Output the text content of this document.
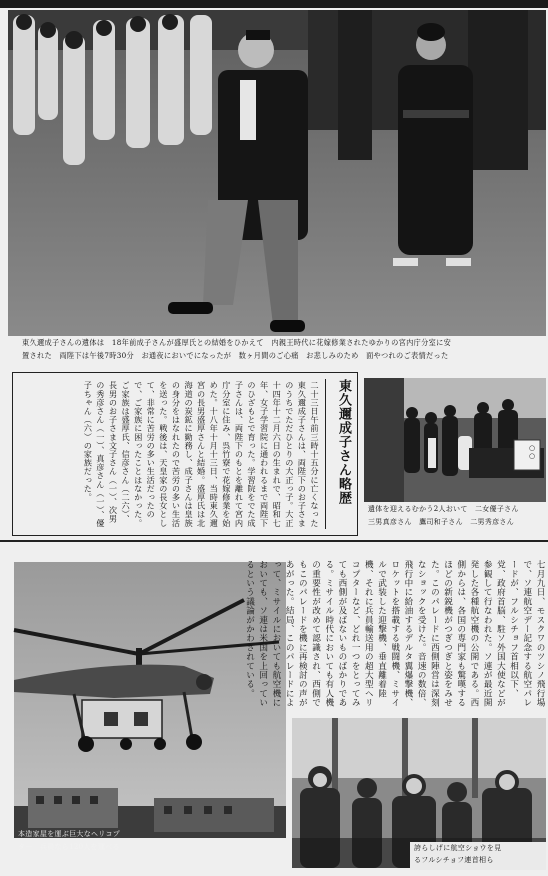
東久邇成子さんの遺体は　18年前成子さんが盛厚氏との結婚をひかえて　内親王時代に花嫁修業されたゆかりの宮内庁分室に安
置された　両陛下は午後7時30分　お通夜においでになったが　数ヶ月間のご心痛　お悲しみのため　面やつれのご表情だった
東久邇成子さん略歴
二十三日午前三時十五分に亡くなった東久邇成子さんは、両陛下のお子さまのうちでただひとりの大正っ子。大正十四年十二月六日の生まれで、昭和七年、女子学習院に通われるまで両陛下のひざもとで育った。学習院をでた成子さんは、両陛下のもとを離れて宮内庁分室に住み、呉竹寮で花嫁修業を始めた。十八年十月十三日、当時東久邇宮の長男盛厚さんと結婚。盛厚氏は北海道の炭鉱に勤務し、成子さんは皇族の身分をはなれたので苦労の多い生活を送った。戦後は、天皇家の長女として、非常に苦労の多い生活だったので、ご家族に困ったことはなかった。ご家族は盛厚氏、信彦さん（二六）、長男のお子さま文子さん（一）、次男の秀彦さん（一）、真彦さん（一）、優子ちゃん（六）の家族だった。	○○
遺体を迎えるむかう2人おいて　二女優子さん
三男真彦さん　鷹司和子さん　二男秀彦さん
本造家屋を運ぶ巨大なヘリコプ
ター　兵員なら120人を運べる
七月九日、モスクワのツシノ飛行場で、ソ連航空デー記念する航空パレードが、フルシチョフ首相以下、党、政府首脳、駐ソ外国大使などが参観して行なわれた。ソ連が最近開発した各種航空機の公開である。西側からは、各国の専門家も驚嘆するほどの新鋭機がつぎつぎと姿をみせた。このパレードに西側陣営は深刻なショックを受けた。音速の数倍、飛行中に給油するデルタ翼爆撃機、ロケットを搭載する戦闘機、ミサイルで武装した迎撃機、垂直離着陸機、それに兵員輸送用の超大型ヘリコプターなど、どれ一つをとってみても西側が及ばないものばかりである。ミサイル時代においても有人機の重要性が改めて認識され、西側でもこのパレードを機に再検討の声があがった。結局、このパレードによって、ミサイルにおいても航空機においても、ソ連は米国を上回っているという議論がかわされている。
誇らしげに航空ショウを見
るフルシチョフ連首相ら
